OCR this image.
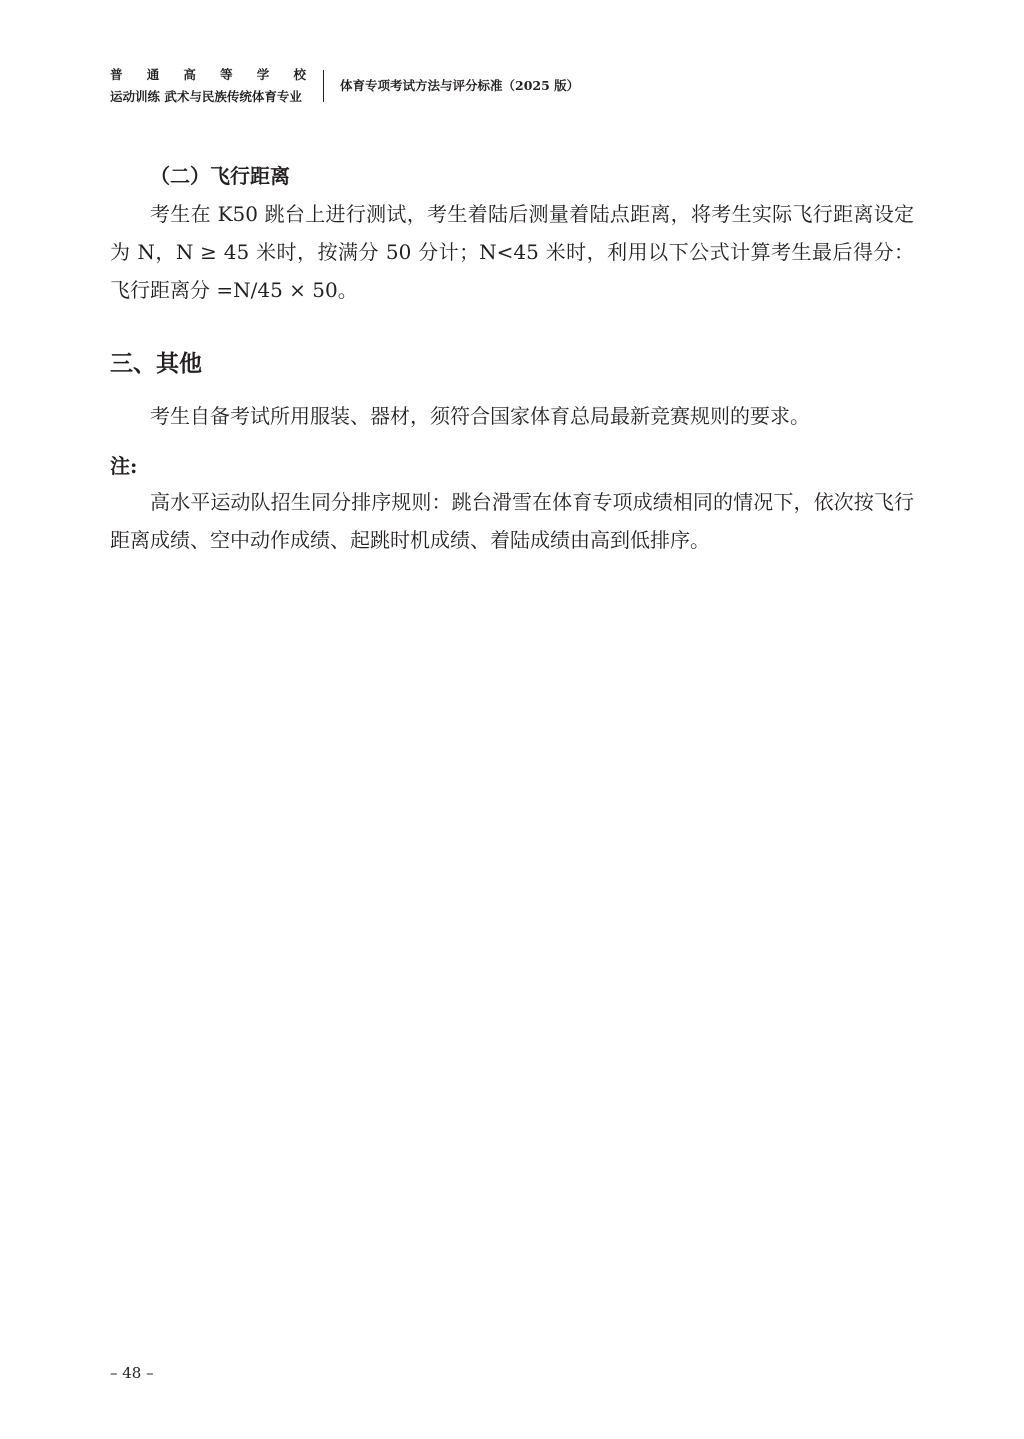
普 通 高 等 学 校
运动训练 武术与民族传统体育专业
体育专项考试方法与评分标准（2025 版）
（二）飞行距离

考生在 K50 跳台上进行测试，考生着陆后测量着陆点距离，将考生实际飞行距离设定为 N，N ≥ 45 米时，按满分 50 分计；N<45 米时，利用以下公式计算考生最后得分：飞行距离分 =N/45 × 50。

三、其他

考生自备考试所用服装、器材，须符合国家体育总局最新竞赛规则的要求。

注:

高水平运动队招生同分排序规则：跳台滑雪在体育专项成绩相同的情况下，依次按飞行距离成绩、空中动作成绩、起跳时机成绩、着陆成绩由高到低排序。

– 48 –
